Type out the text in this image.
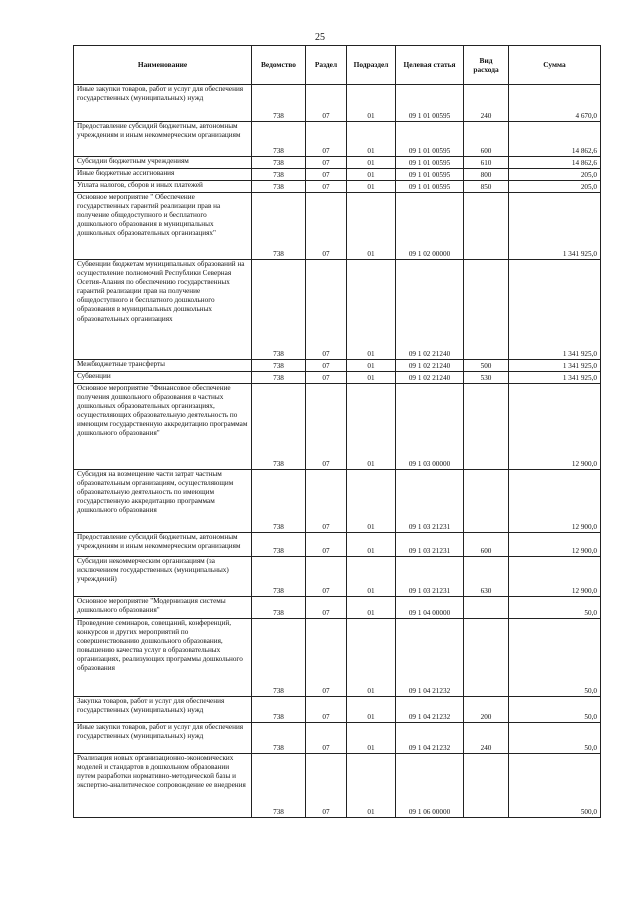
25
Наименование	Ведомство	Раздел	Подраздел	Целевая статья	Вид расхода	Сумма
Иные закупки товаров, работ и услуг для обеспечения государственных (муниципальных) нужд	738	07	01	09 1 01 00595	240	4 670,0
Предоставление субсидий бюджетным, автономным учреждениям и иным некоммерческим организациям	738	07	01	09 1 01 00595	600	14 862,6
Субсидии бюджетным учреждениям	738	07	01	09 1 01 00595	610	14 862,6
Иные бюджетные ассигнования	738	07	01	09 1 01 00595	800	205,0
Уплата налогов, сборов и иных платежей	738	07	01	09 1 01 00595	850	205,0
Основное мероприятие " Обеспечение государственных гарантий реализации прав на получение общедоступного и бесплатного дошкольного образования в муниципальных дошкольных образовательных организациях"	738	07	01	09 1 02 00000		1 341 925,0
Субвенции бюджетам муниципальных образований на осуществление полномочий Республики Северная Осетия-Алания по обеспечению государственных гарантий реализации прав на получение общедоступного и бесплатного дошкольного образования в муниципальных дошкольных образовательных организациях	738	07	01	09 1 02 21240		1 341 925,0
Межбюджетные трансферты	738	07	01	09 1 02 21240	500	1 341 925,0
Субвенции	738	07	01	09 1 02 21240	530	1 341 925,0
Основное мероприятие "Финансовое обеспечение получения дошкольного образования в частных дошкольных образовательных организациях, осуществляющих образовательную деятельность по имеющим государственную аккредитацию программам дошкольного образования"	738	07	01	09 1 03 00000		12 900,0
Субсидия на возмещение части затрат частным образовательным организациям, осуществляющим образовательную деятельность по имеющим государственную аккредитацию программам дошкольного образования	738	07	01	09 1 03 21231		12 900,0
Предоставление субсидий бюджетным, автономным учреждениям и иным некоммерческим организациям	738	07	01	09 1 03 21231	600	12 900,0
Субсидии некоммерческим организациям (за исключением государственных (муниципальных) учреждений)	738	07	01	09 1 03 21231	630	12 900,0
Основное мероприятие "Модернизация системы дошкольного образования"	738	07	01	09 1 04 00000		50,0
Проведение семинаров, совещаний, конференций, конкурсов и других мероприятий по совершенствованию дошкольного образования, повышению качества услуг в образовательных организациях, реализующих программы дошкольного образования	738	07	01	09 1 04 21232		50,0
Закупка товаров, работ и услуг для обеспечения государственных (муниципальных) нужд	738	07	01	09 1 04 21232	200	50,0
Иные закупки товаров, работ и услуг для обеспечения государственных (муниципальных) нужд	738	07	01	09 1 04 21232	240	50,0
Реализация новых организационно-экономических моделей и стандартов в дошкольном образовании путем разработки нормативно-методической базы и экспертно-аналитическое сопровождение ее внедрения	738	07	01	09 1 06 00000		500,0
